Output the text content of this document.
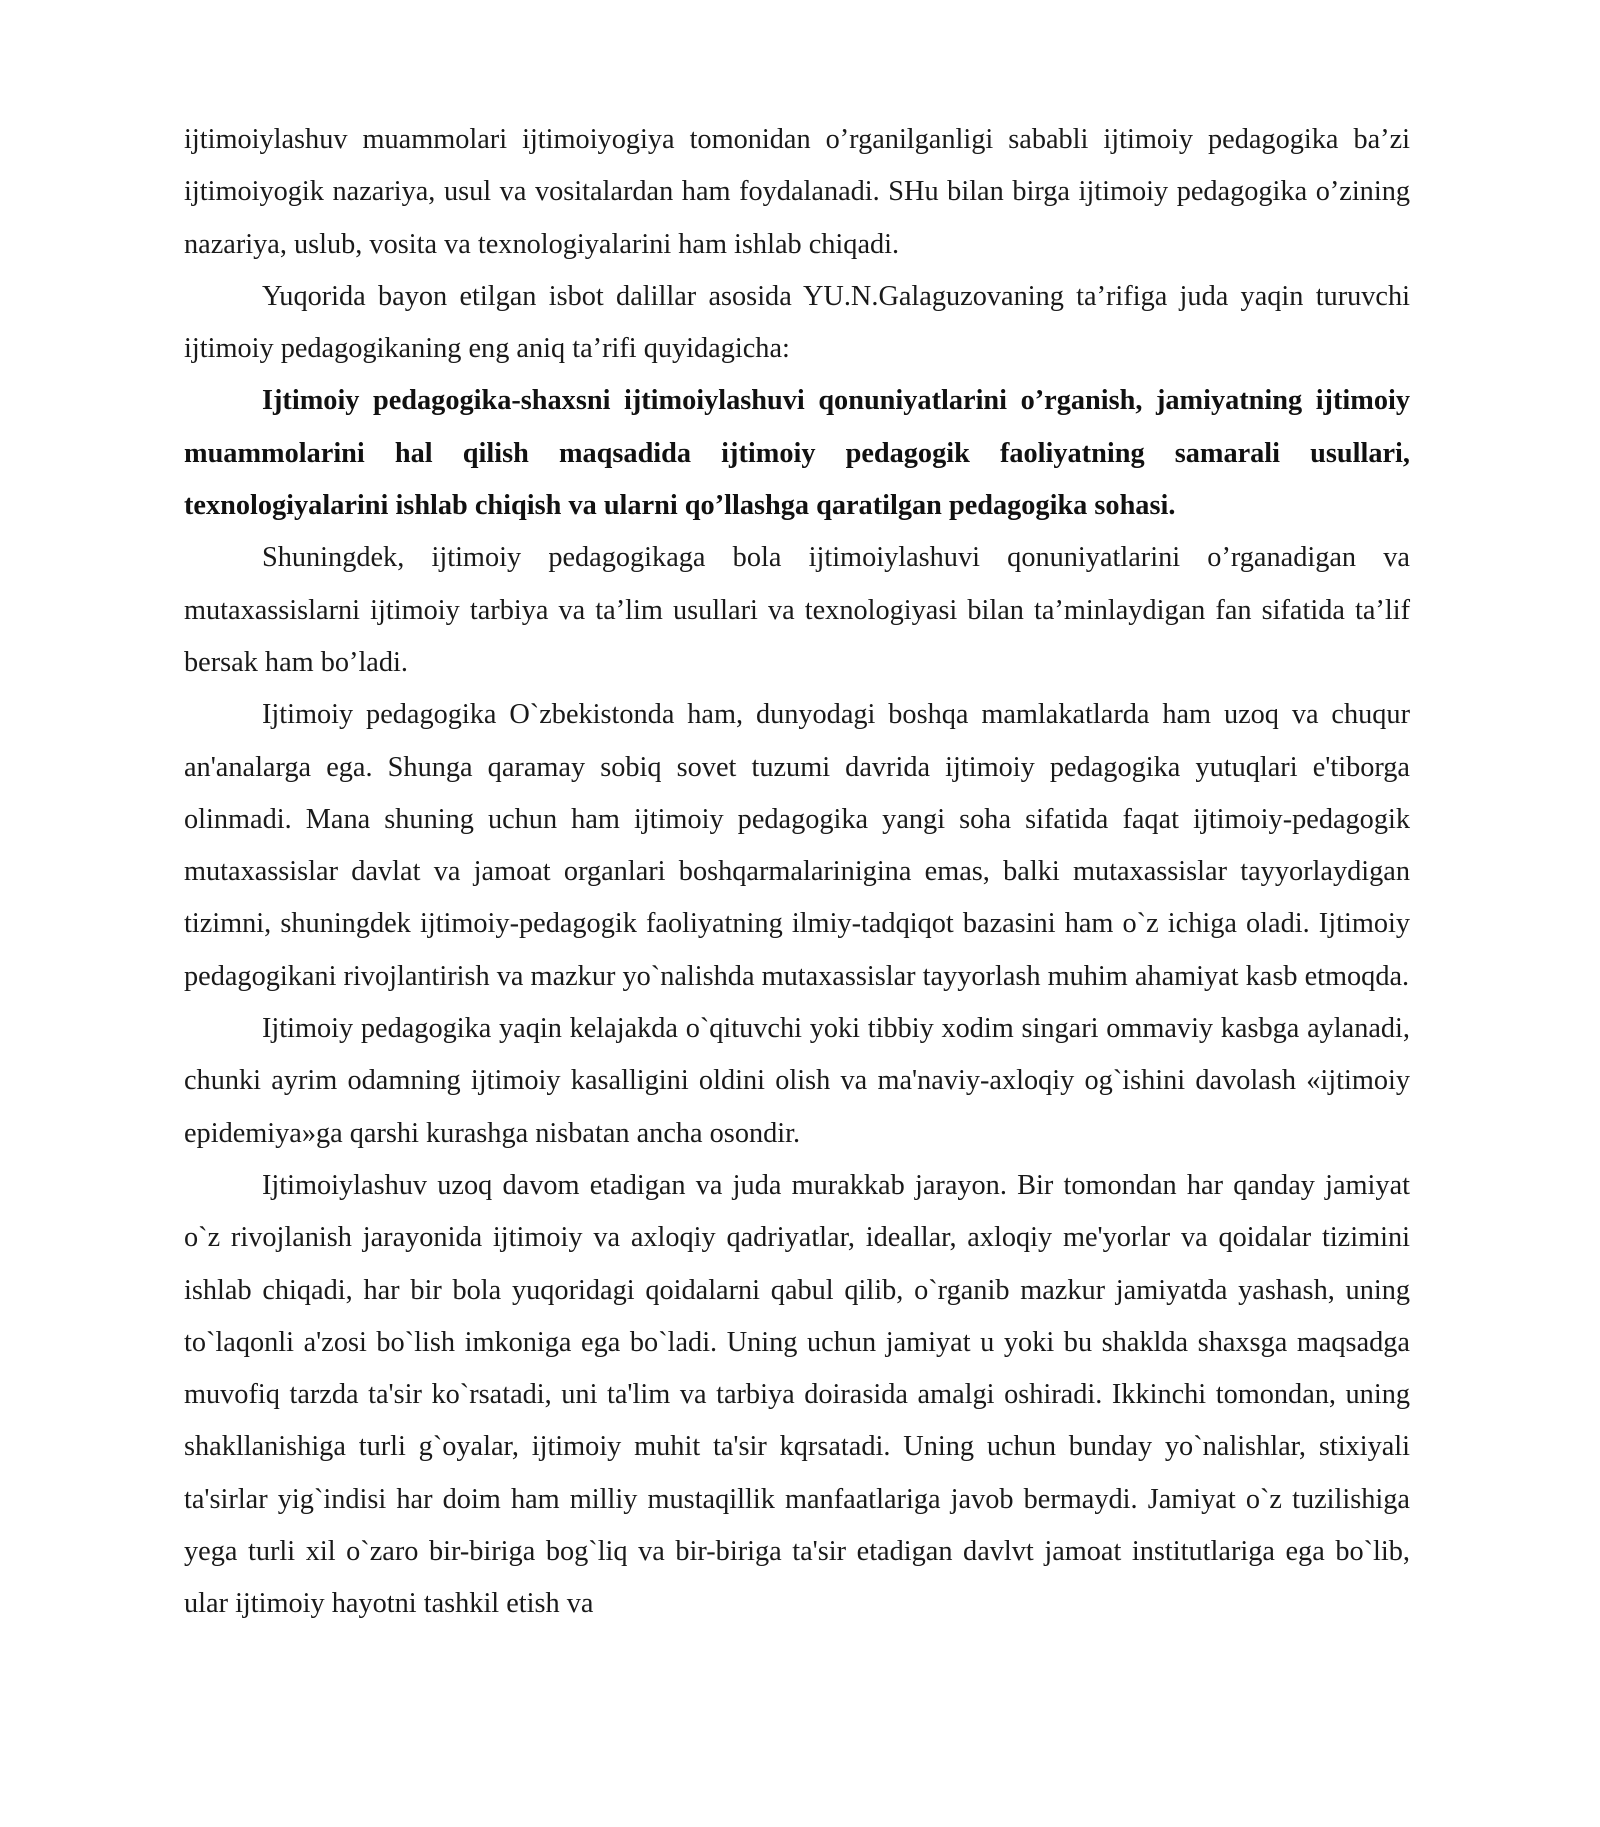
ijtimoiylashuv muammolari ijtimoiyogiya tomonidan o’rganilganligi sababli ijtimoiy pedagogika ba’zi ijtimoiyogik nazariya, usul va vositalardan ham foydalanadi. SHu bilan birga ijtimoiy pedagogika o’zining nazariya, uslub, vosita va texnologiyalarini ham ishlab chiqadi.

Yuqorida bayon etilgan isbot dalillar asosida YU.N.Galaguzovaning ta’rifiga juda yaqin turuvchi ijtimoiy pedagogikaning eng aniq ta’rifi quyidagicha:

Ijtimoiy pedagogika-shaxsni ijtimoiylashuvi qonuniyatlarini o’rganish, jamiyatning ijtimoiy muammolarini hal qilish maqsadida ijtimoiy pedagogik faoliyatning samarali usullari, texnologiyalarini ishlab chiqish va ularni qo’llashga qaratilgan pedagogika sohasi.

Shuningdek, ijtimoiy pedagogikaga bola ijtimoiylashuvi qonuniyatlarini o’rganadigan va mutaxassislarni ijtimoiy tarbiya va ta’lim usullari va texnologiyasi bilan ta’minlaydigan fan sifatida ta’lif bersak ham bo’ladi.

Ijtimoiy pedagogika O`zbekistonda ham, dunyodagi boshqa mamlakatlarda ham uzoq va chuqur an'analarga ega. Shunga qaramay sobiq sovet tuzumi davrida ijtimoiy pedagogika yutuqlari e'tiborga olinmadi. Mana shuning uchun ham ijtimoiy pedagogika yangi soha sifatida faqat ijtimoiy-pedagogik mutaxassislar davlat va jamoat organlari boshqarmalarinigina emas, balki mutaxassislar tayyorlaydigan tizimni, shuningdek ijtimoiy-pedagogik faoliyatning ilmiy-tadqiqot bazasini ham o`z ichiga oladi. Ijtimoiy pedagogikani rivojlantirish va mazkur yo`nalishda mutaxassislar tayyorlash muhim ahamiyat kasb etmoqda.

Ijtimoiy pedagogika yaqin kelajakda o`qituvchi yoki tibbiy xodim singari ommaviy kasbga aylanadi, chunki ayrim odamning ijtimoiy kasalligini oldini olish va ma'naviy-axloqiy og`ishini davolash «ijtimoiy epidemiya»ga qarshi kurashga nisbatan ancha osondir.

Ijtimoiylashuv uzoq davom etadigan va juda murakkab jarayon. Bir tomondan har qanday jamiyat o`z rivojlanish jarayonida ijtimoiy va axloqiy qadriyatlar, ideallar, axloqiy me'yorlar va qoidalar tizimini ishlab chiqadi, har bir bola yuqoridagi qoidalarni qabul qilib, o`rganib mazkur jamiyatda yashash, uning to`laqonli a'zosi bo`lish imkoniga ega bo`ladi. Uning uchun jamiyat u yoki bu shaklda shaxsga maqsadga muvofiq tarzda ta'sir ko`rsatadi, uni ta'lim va tarbiya doirasida amalgi oshiradi. Ikkinchi tomondan, uning shakllanishiga turli g`oyalar, ijtimoiy muhit ta'sir kqrsatadi. Uning uchun bunday yo`nalishlar, stixiyali ta'sirlar yig`indisi har doim ham milliy mustaqillik manfaatlariga javob bermaydi. Jamiyat o`z tuzilishiga yega turli xil o`zaro bir-biriga bog`liq va bir-biriga ta'sir etadigan davlvt jamoat institutlariga ega bo`lib, ular ijtimoiy hayotni tashkil etish va
